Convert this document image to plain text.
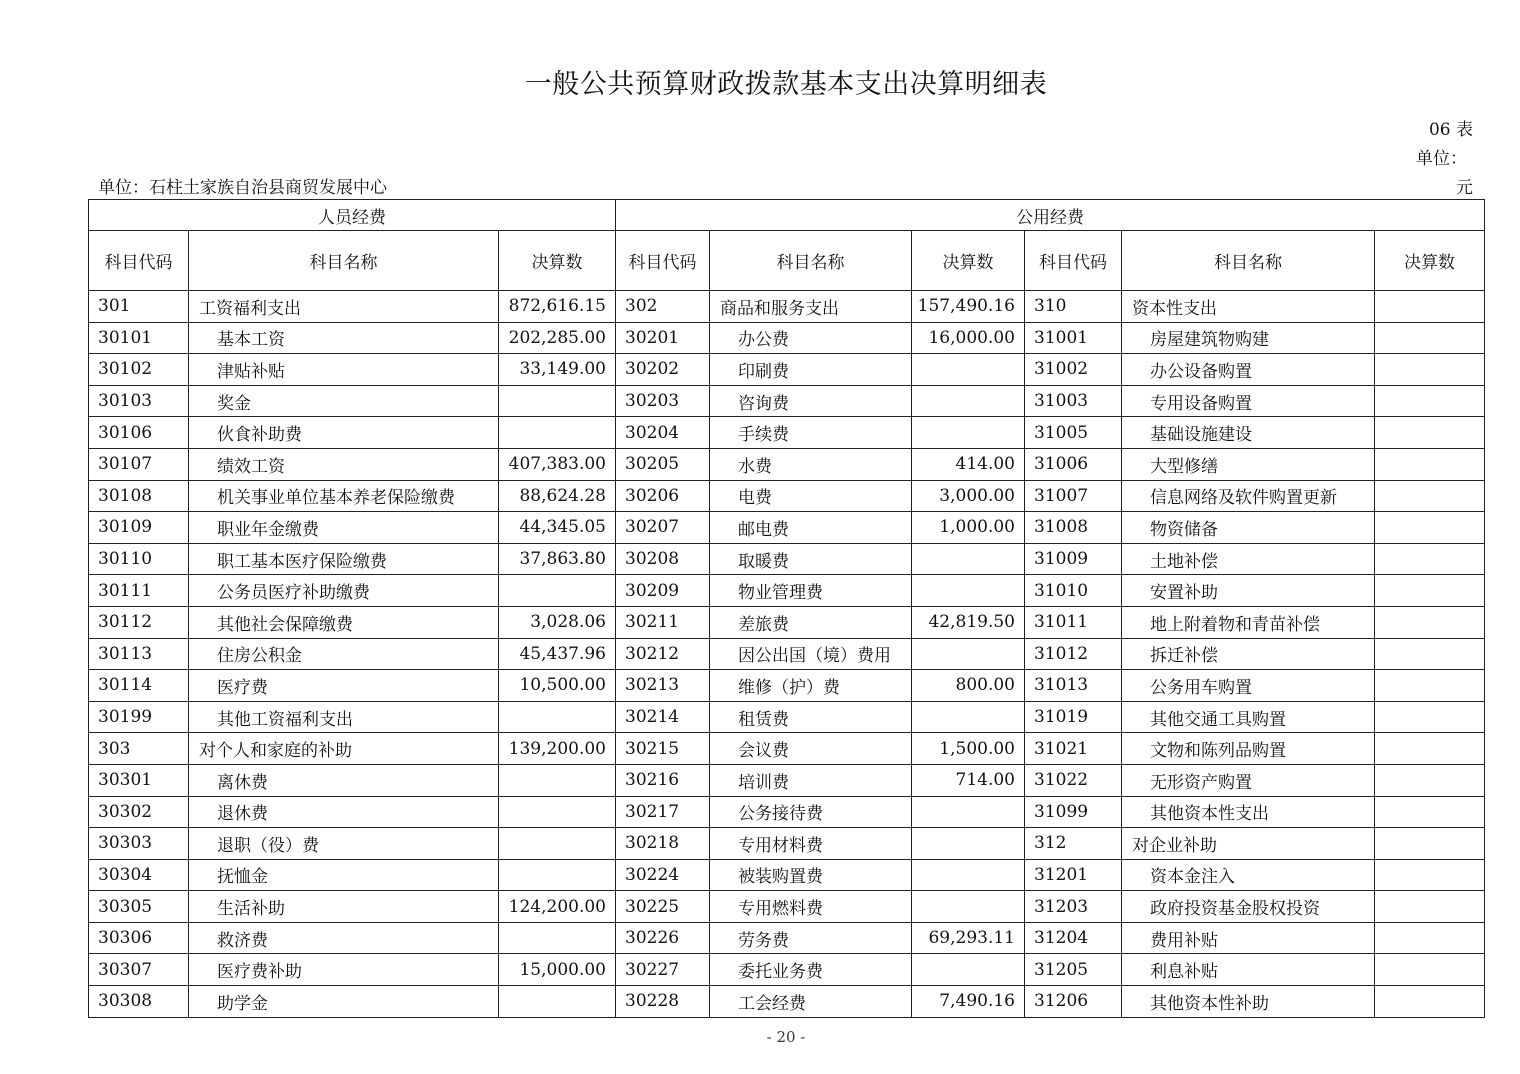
一般公共预算财政拨款基本支出决算明细表
06 表
单位：
元
单位：石柱土家族自治县商贸发展中心
人员经费			公用经费					
科目代码	科目名称	决算数	科目代码	科目名称	决算数	科目代码	科目名称	决算数
301	工资福利支出	872,616.15	302	商品和服务支出	157,490.16	310	资本性支出	
30101	基本工资	202,285.00	30201	办公费	16,000.00	31001	房屋建筑物购建	
30102	津贴补贴	33,149.00	30202	印刷费		31002	办公设备购置	
30103	奖金		30203	咨询费		31003	专用设备购置	
30106	伙食补助费		30204	手续费		31005	基础设施建设	
30107	绩效工资	407,383.00	30205	水费	414.00	31006	大型修缮	
30108	机关事业单位基本养老保险缴费	88,624.28	30206	电费	3,000.00	31007	信息网络及软件购置更新	
30109	职业年金缴费	44,345.05	30207	邮电费	1,000.00	31008	物资储备	
30110	职工基本医疗保险缴费	37,863.80	30208	取暖费		31009	土地补偿	
30111	公务员医疗补助缴费		30209	物业管理费		31010	安置补助	
30112	其他社会保障缴费	3,028.06	30211	差旅费	42,819.50	31011	地上附着物和青苗补偿	
30113	住房公积金	45,437.96	30212	因公出国（境）费用		31012	拆迁补偿	
30114	医疗费	10,500.00	30213	维修（护）费	800.00	31013	公务用车购置	
30199	其他工资福利支出		30214	租赁费		31019	其他交通工具购置	
303	对个人和家庭的补助	139,200.00	30215	会议费	1,500.00	31021	文物和陈列品购置	
30301	离休费		30216	培训费	714.00	31022	无形资产购置	
30302	退休费		30217	公务接待费		31099	其他资本性支出	
30303	退职（役）费		30218	专用材料费		312	对企业补助	
30304	抚恤金		30224	被装购置费		31201	资本金注入	
30305	生活补助	124,200.00	30225	专用燃料费		31203	政府投资基金股权投资	
30306	救济费		30226	劳务费	69,293.11	31204	费用补贴	
30307	医疗费补助	15,000.00	30227	委托业务费		31205	利息补贴	
30308	助学金		30228	工会经费	7,490.16	31206	其他资本性补助	
- 20 -
